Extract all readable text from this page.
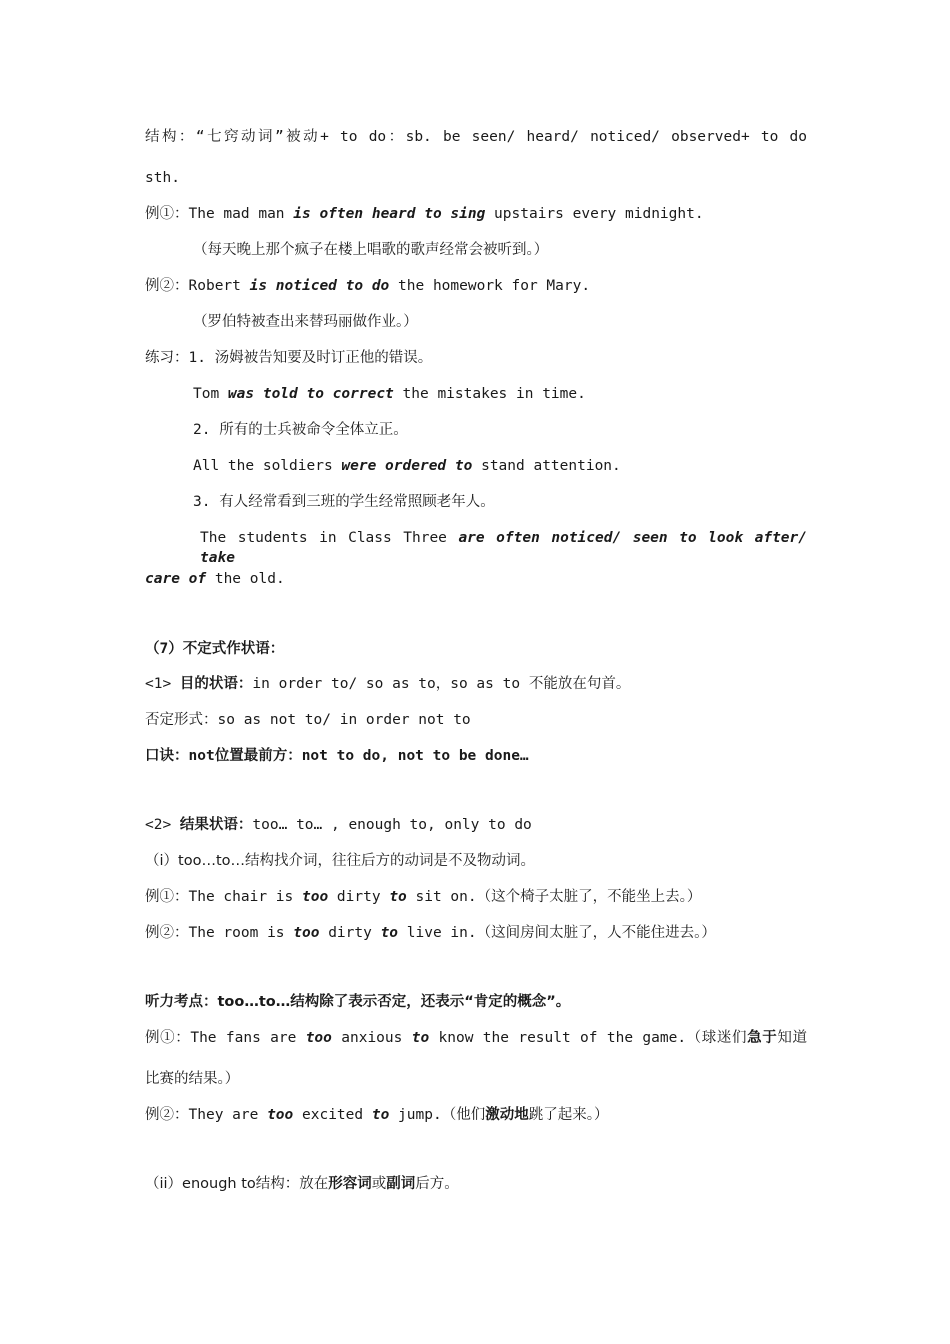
结构：“七窍动词”被动+ to do：sb. be seen/ heard/ noticed/ observed+ to do
sth.
例①：The mad man is often heard to sing upstairs every midnight.
（每天晚上那个疯子在楼上唱歌的歌声经常会被听到。）
例②：Robert is noticed to do the homework for Mary.
（罗伯特被查出来替玛丽做作业。）
练习：1. 汤姆被告知要及时订正他的错误。
Tom was told to correct the mistakes in time.
2. 所有的士兵被命令全体立正。
All the soldiers were ordered to stand attention.
3. 有人经常看到三班的学生经常照顾老年人。
The students in Class Three are often noticed/ seen to look after/ take
care of the old.
（7）不定式作状语：
<1> 目的状语：in order to/ so as to，so as to 不能放在句首。
否定形式：so as not to/ in order not to
口诀：not位置最前方：not to do, not to be done…
<2> 结果状语：too… to… , enough to, only to do
（i）too…to…结构找介词，往往后方的动词是不及物动词。
例①：The chair is too dirty to sit on.（这个椅子太脏了，不能坐上去。）
例②：The room is too dirty to live in.（这间房间太脏了，人不能住进去。）
听力考点：too…to…结构除了表示否定，还表示“肯定的概念”。
例①：The fans are too anxious to know the result of the game.（球迷们急于知道
比赛的结果。）
例②：They are too excited to jump.（他们激动地跳了起来。）
（ii）enough to结构：放在形容词或副词后方。
